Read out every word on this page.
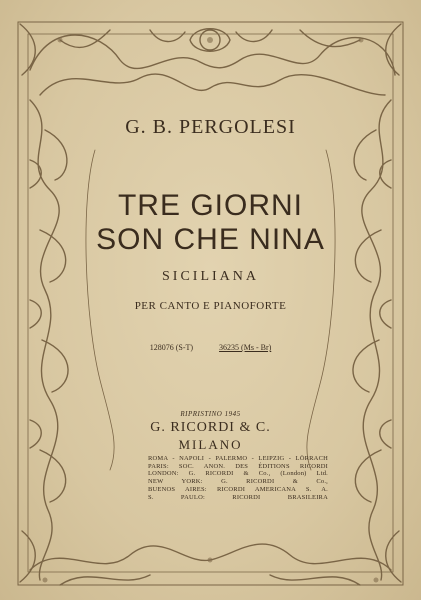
G. B. PERGOLESI
TRE GIORNI
SON CHE NINA
SICILIANA
PER CANTO E PIANOFORTE
128076 (S-T)	36235 (Ms - Br)
RIPRISTINO 1945
G. RICORDI & C.
MILANO
ROMA - NAPOLI - PALERMO - LEIPZIG - LÖRRACH
PARIS: SOC. ANON. DES ÉDITIONS RICORDI
LONDON: G. RICORDI & Co., (London) Ltd.
NEW YORK: G. RICORDI & Co.,
BUENOS AIRES: RICORDI AMERICANA S. A.
S. PAULO: RICORDI BRASILEIRA
